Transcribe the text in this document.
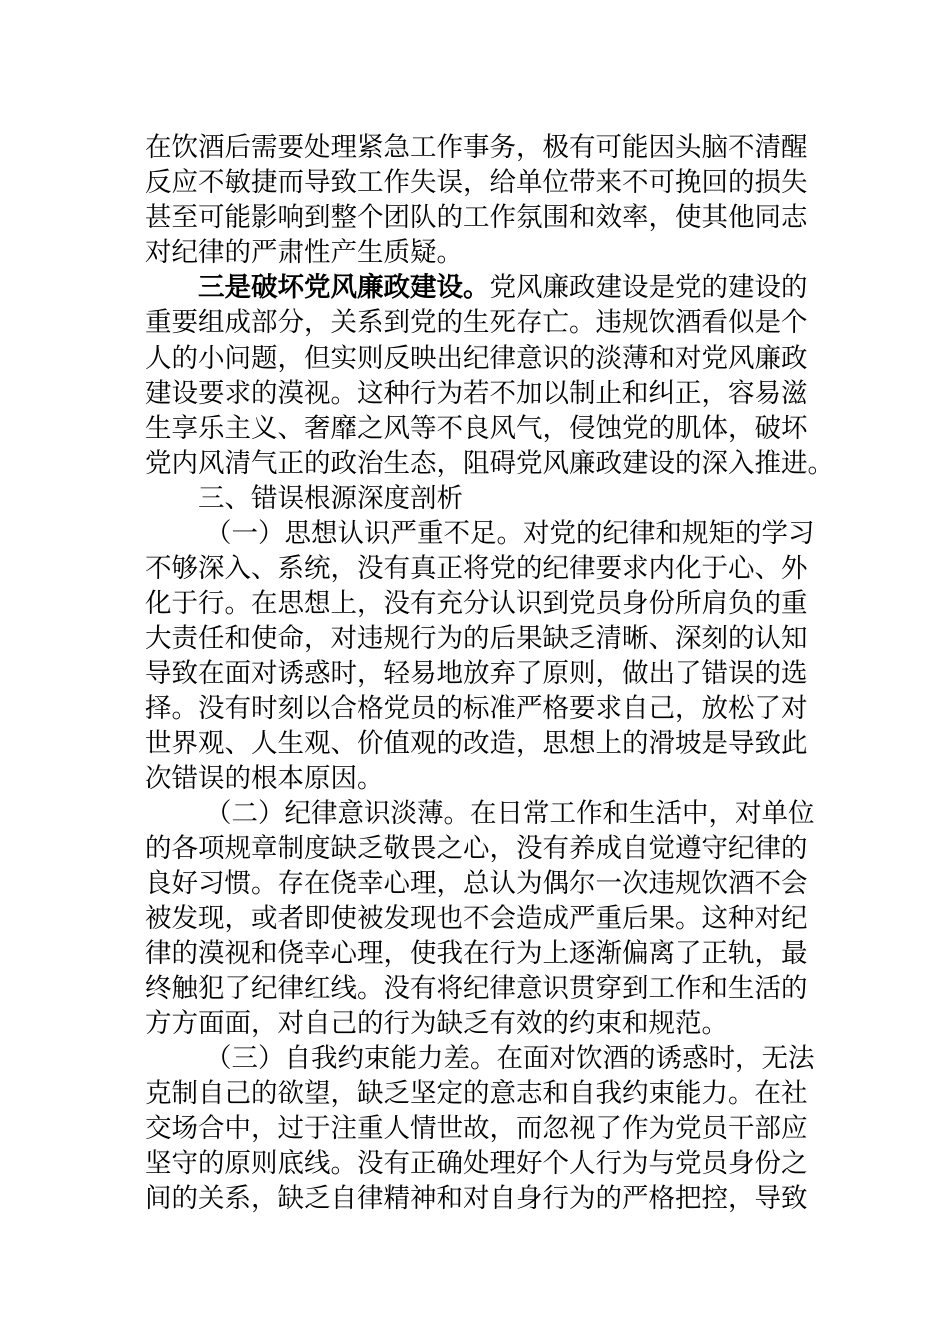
在饮酒后需要处理紧急工作事务，极有可能因头脑不清醒
反应不敏捷而导致工作失误，给单位带来不可挽回的损失
甚至可能影响到整个团队的工作氛围和效率，使其他同志
对纪律的严肃性产生质疑。
三是破坏党风廉政建设。党风廉政建设是党的建设的
重要组成部分，关系到党的生死存亡。违规饮酒看似是个
人的小问题，但实则反映出纪律意识的淡薄和对党风廉政
建设要求的漠视。这种行为若不加以制止和纠正，容易滋
生享乐主义、奢靡之风等不良风气，侵蚀党的肌体，破坏
党内风清气正的政治生态，阻碍党风廉政建设的深入推进。
三、错误根源深度剖析
（一）思想认识严重不足。对党的纪律和规矩的学习
不够深入、系统，没有真正将党的纪律要求内化于心、外
化于行。在思想上，没有充分认识到党员身份所肩负的重
大责任和使命，对违规行为的后果缺乏清晰、深刻的认知
导致在面对诱惑时，轻易地放弃了原则，做出了错误的选
择。没有时刻以合格党员的标准严格要求自己，放松了对
世界观、人生观、价值观的改造，思想上的滑坡是导致此
次错误的根本原因。
（二）纪律意识淡薄。在日常工作和生活中，对单位
的各项规章制度缺乏敬畏之心，没有养成自觉遵守纪律的
良好习惯。存在侥幸心理，总认为偶尔一次违规饮酒不会
被发现，或者即使被发现也不会造成严重后果。这种对纪
律的漠视和侥幸心理，使我在行为上逐渐偏离了正轨，最
终触犯了纪律红线。没有将纪律意识贯穿到工作和生活的
方方面面，对自己的行为缺乏有效的约束和规范。
（三）自我约束能力差。在面对饮酒的诱惑时，无法
克制自己的欲望，缺乏坚定的意志和自我约束能力。在社
交场合中，过于注重人情世故，而忽视了作为党员干部应
坚守的原则底线。没有正确处理好个人行为与党员身份之
间的关系，缺乏自律精神和对自身行为的严格把控，导致
